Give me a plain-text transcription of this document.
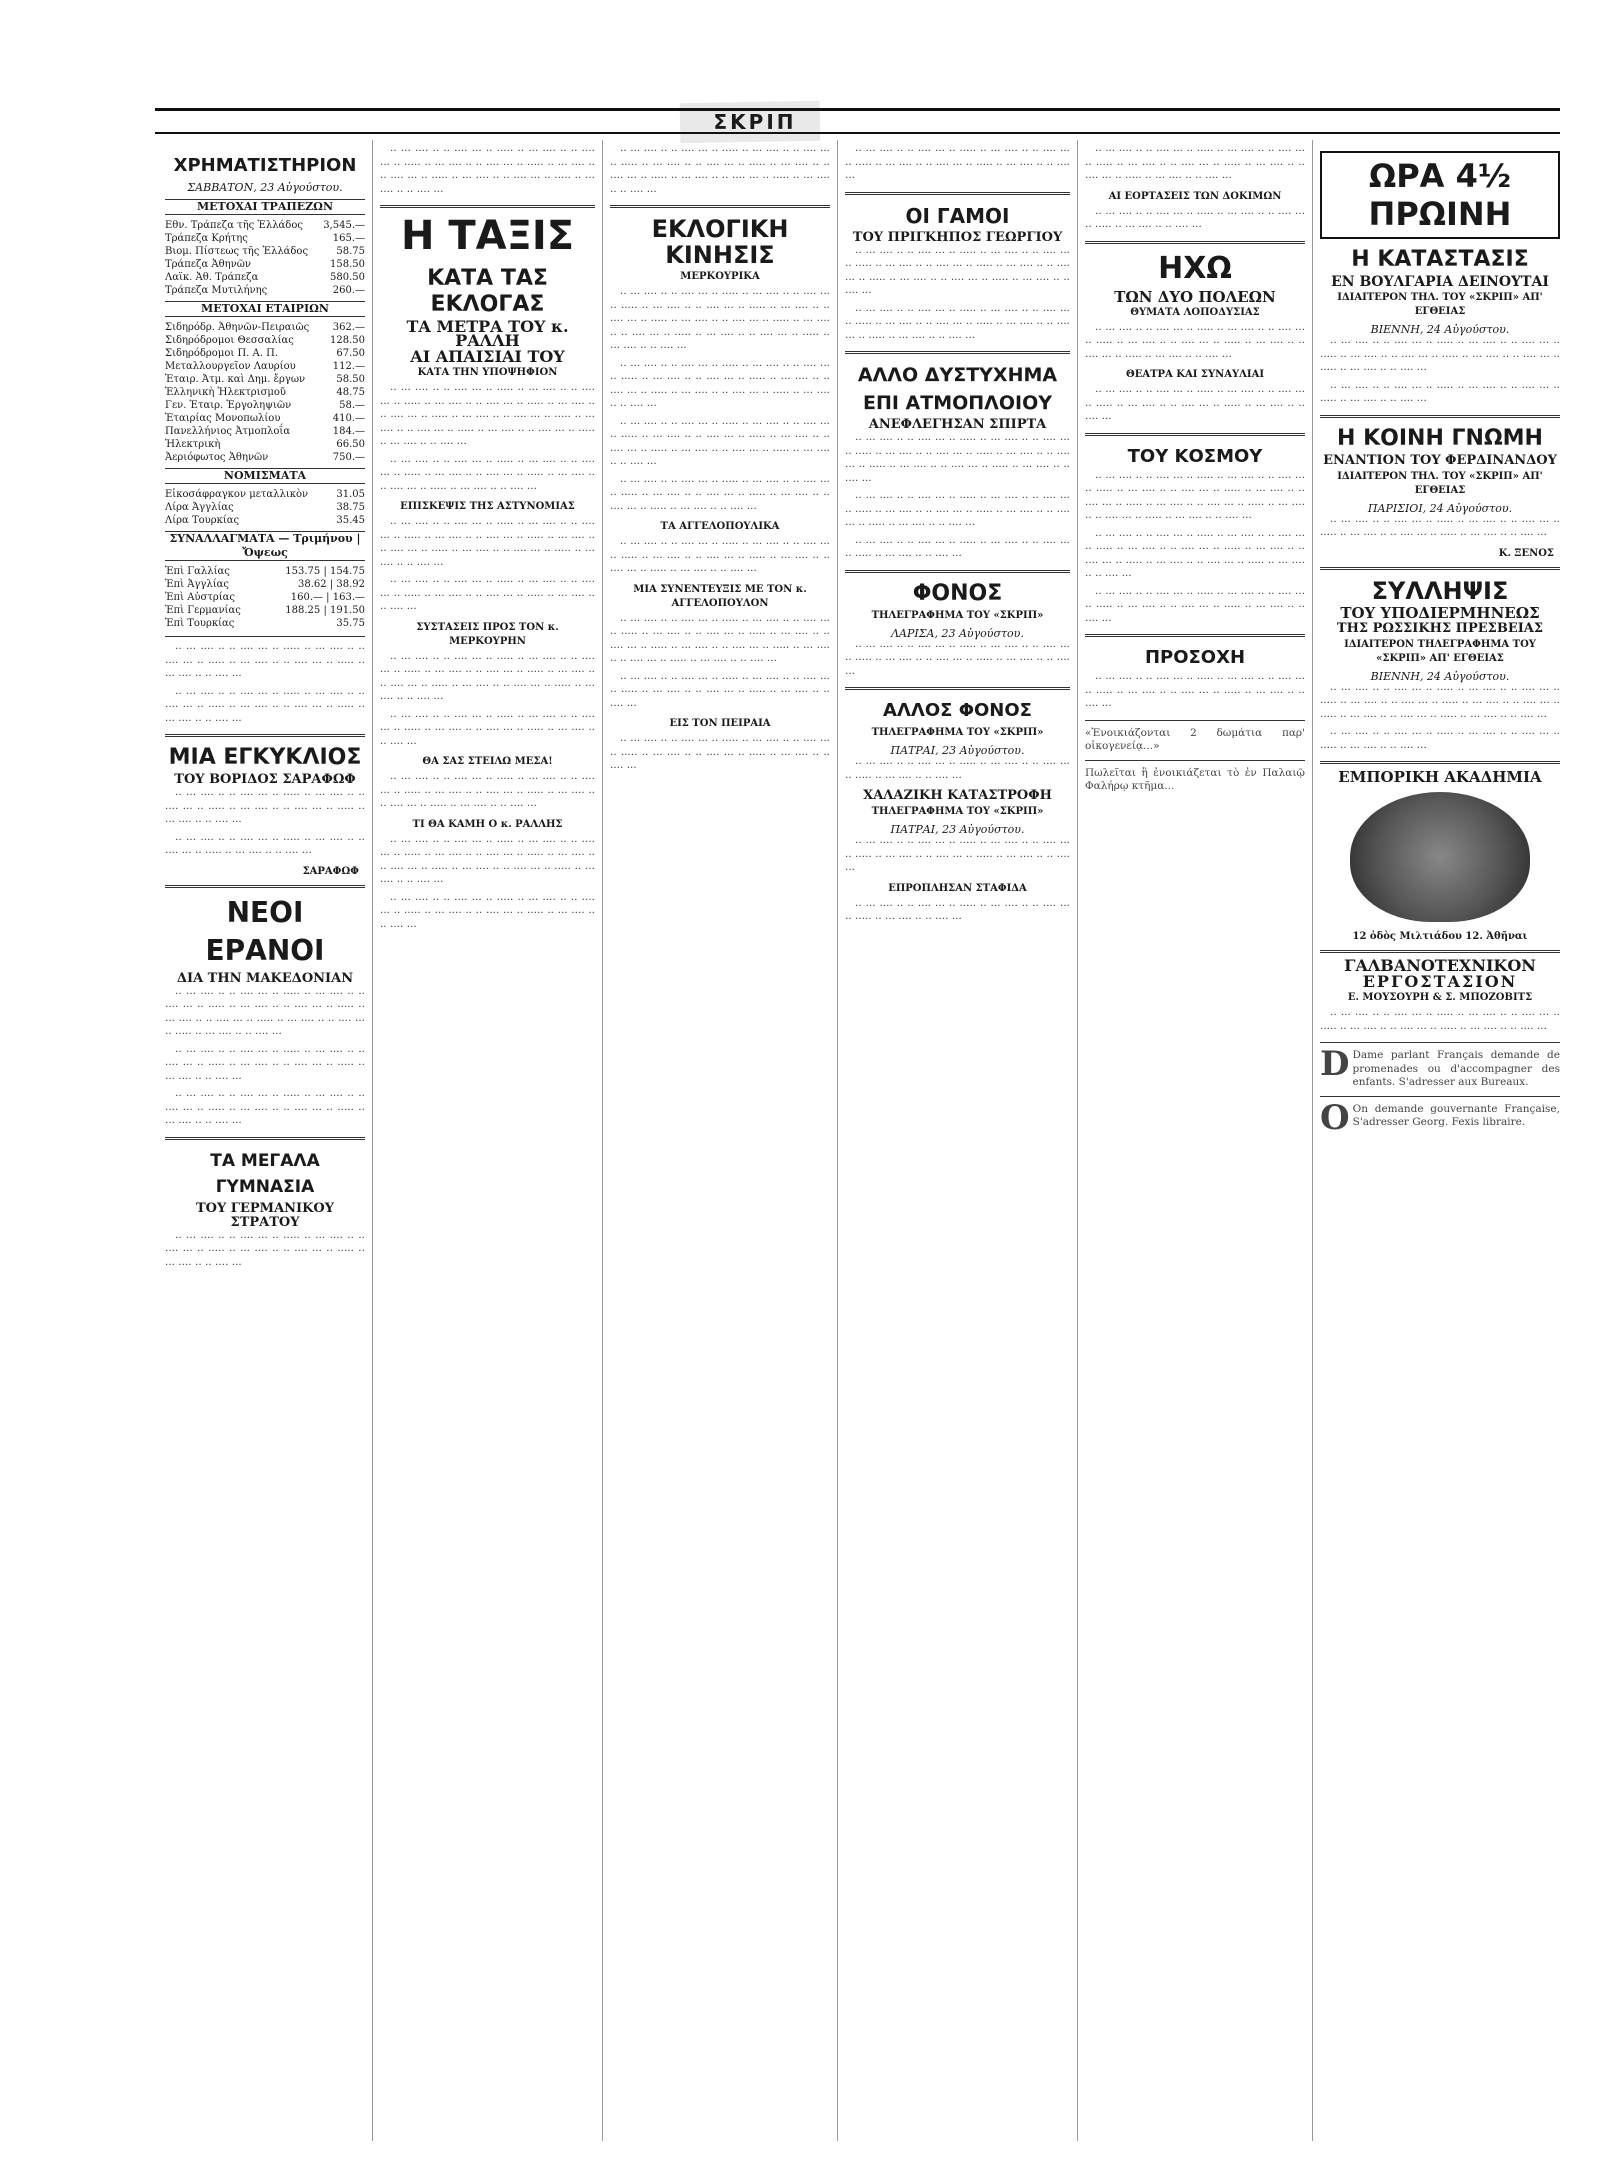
ΣΚΡΙΠ
ΧΡΗΜΑΤΙΣΤΗΡΙΟΝ
ΣΑΒΒΑΤΟΝ, 23 Αὐγούστου.
ΜΕΤΟΧΑΙ ΤΡΑΠΕΖΩΝ
Εθν. Τράπεζα τῆς Ἑλλάδος	3,545.—
Τράπεζα Κρήτης	165.—
Βιομ. Πίστεως τῆς Ἑλλάδος	58.75
Τράπεζα Ἀθηνῶν	158.50
Λαϊκ. Ἀθ. Τράπεζα	580.50
Τράπεζα Μυτιλήνης	260.—
ΜΕΤΟΧΑΙ ΕΤΑΙΡΙΩΝ
Σιδηρόδρ. Ἀθηνῶν-Πειραιῶς	362.—
Σιδηρόδρομοι Θεσσαλίας	128.50
Σιδηρόδρομοι Π. Α. Π.	67.50
Μεταλλουργεῖον Λαυρίου	112.—
Ἑταιρ. Ἀτμ. καὶ Δημ. ἔργων	58.50
Ἑλληνικὴ Ἠλεκτρισμοῦ	48.75
Γεν. Ἑταιρ. Ἐργοληψιῶν	58.—
Ἑταιρίας Μονοπωλίου	410.—
Πανελλήνιος Ἀτμοπλοΐα	184.—
Ἠλεκτρικὴ	66.50
Ἀεριόφωτος Ἀθηνῶν	750.—
ΝΟΜΙΣΜΑΤΑ
Εἰκοσάφραγκον μεταλλικὸν	31.05
Λίρα Ἀγγλίας	38.75
Λίρα Τουρκίας	35.45
ΣΥΝΑΛΛΑΓΜΑΤΑ — Τριμήνου | Ὄψεως
Ἐπὶ Γαλλίας	153.75 | 154.75
Ἐπὶ Ἀγγλίας	38.62 | 38.92
Ἐπὶ Αὐστρίας	160.— | 163.—
Ἐπὶ Γερμανίας	188.25 | 191.50
Ἐπὶ Τουρκίας	35.75

·· ··· ···· ·· ·· ···· ··· ·· ····· ·· ··· ···· ·· ·· ···· ··· ·· ····· ·· ··· ···· ·· ·· ···· ··· ·· ····· ·· ··· ···· ·· ·· ···· ···

·· ··· ···· ·· ·· ···· ··· ·· ····· ·· ··· ···· ·· ·· ···· ··· ·· ····· ·· ··· ···· ·· ·· ···· ··· ·· ····· ·· ··· ···· ·· ·· ···· ···

ΜΙΑ ΕΓΚΥΚΛΙΟΣ
ΤΟΥ ΒΟΡΙΔΟΣ ΣΑΡΑΦΩΦ

·· ··· ···· ·· ·· ···· ··· ·· ····· ·· ··· ···· ·· ·· ···· ··· ·· ····· ·· ··· ···· ·· ·· ···· ··· ·· ····· ·· ··· ···· ·· ·· ···· ···

·· ··· ···· ·· ·· ···· ··· ·· ····· ·· ··· ···· ·· ·· ···· ··· ·· ····· ·· ··· ···· ·· ·· ···· ···

ΣΑΡΑΦΩΦ
ΝΕΟΙ ΕΡΑΝΟΙ
ΔΙΑ ΤΗΝ ΜΑΚΕΔΟΝΙΑΝ

·· ··· ···· ·· ·· ···· ··· ·· ····· ·· ··· ···· ·· ·· ···· ··· ·· ····· ·· ··· ···· ·· ·· ···· ··· ·· ····· ·· ··· ···· ·· ·· ···· ··· ·· ····· ·· ··· ···· ·· ·· ···· ··· ·· ····· ·· ··· ···· ·· ·· ···· ···

·· ··· ···· ·· ·· ···· ··· ·· ····· ·· ··· ···· ·· ·· ···· ··· ·· ····· ·· ··· ···· ·· ·· ···· ··· ·· ····· ·· ··· ···· ·· ·· ···· ···

·· ··· ···· ·· ·· ···· ··· ·· ····· ·· ··· ···· ·· ·· ···· ··· ·· ····· ·· ··· ···· ·· ·· ···· ··· ·· ····· ·· ··· ···· ·· ·· ···· ···

ΤΑ ΜΕΓΑΛΑ ΓΥΜΝΑΣΙΑ
ΤΟΥ ΓΕΡΜΑΝΙΚΟΥ ΣΤΡΑΤΟΥ

·· ··· ···· ·· ·· ···· ··· ·· ····· ·· ··· ···· ·· ·· ···· ··· ·· ····· ·· ··· ···· ·· ·· ···· ··· ·· ····· ·· ··· ···· ·· ·· ···· ···

·· ··· ···· ·· ·· ···· ··· ·· ····· ·· ··· ···· ·· ·· ···· ··· ·· ····· ·· ··· ···· ·· ·· ···· ··· ·· ····· ·· ··· ···· ·· ·· ···· ··· ·· ····· ·· ··· ···· ·· ·· ···· ··· ·· ····· ·· ··· ···· ·· ·· ···· ···

Η ΤΑΞΙΣ
ΚΑΤΑ ΤΑΣ ΕΚΛΟΓΑΣ
ΤΑ ΜΕΤΡΑ ΤΟΥ κ. ΡΑΛΛΗ
ΑΙ ΑΠΑΙΣΙΑΙ ΤΟΥ
ΚΑΤΑ ΤΗΝ ΥΠΟΨΗΦΙΟΝ

·· ··· ···· ·· ·· ···· ··· ·· ····· ·· ··· ···· ·· ·· ···· ··· ·· ····· ·· ··· ···· ·· ·· ···· ··· ·· ····· ·· ··· ···· ·· ·· ···· ··· ·· ····· ·· ··· ···· ·· ·· ···· ··· ·· ····· ·· ··· ···· ·· ·· ···· ··· ·· ····· ·· ··· ···· ·· ·· ···· ··· ·· ····· ·· ··· ···· ·· ·· ···· ···

·· ··· ···· ·· ·· ···· ··· ·· ····· ·· ··· ···· ·· ·· ···· ··· ·· ····· ·· ··· ···· ·· ·· ···· ··· ·· ····· ·· ··· ···· ·· ·· ···· ··· ·· ····· ·· ··· ···· ·· ·· ···· ···

ΕΠΙΣΚΕΨΙΣ ΤΗΣ ΑΣΤΥΝΟΜΙΑΣ

·· ··· ···· ·· ·· ···· ··· ·· ····· ·· ··· ···· ·· ·· ···· ··· ·· ····· ·· ··· ···· ·· ·· ···· ··· ·· ····· ·· ··· ···· ·· ·· ···· ··· ·· ····· ·· ··· ···· ·· ·· ···· ··· ·· ····· ·· ··· ···· ·· ·· ···· ···

·· ··· ···· ·· ·· ···· ··· ·· ····· ·· ··· ···· ·· ·· ···· ··· ·· ····· ·· ··· ···· ·· ·· ···· ··· ·· ····· ·· ··· ···· ·· ·· ···· ···

ΣΥΣΤΑΣΕΙΣ ΠΡΟΣ ΤΟΝ κ. ΜΕΡΚΟΥΡΗΝ

·· ··· ···· ·· ·· ···· ··· ·· ····· ·· ··· ···· ·· ·· ···· ··· ·· ····· ·· ··· ···· ·· ·· ···· ··· ·· ····· ·· ··· ···· ·· ·· ···· ··· ·· ····· ·· ··· ···· ·· ·· ···· ··· ·· ····· ·· ··· ···· ·· ·· ···· ···

·· ··· ···· ·· ·· ···· ··· ·· ····· ·· ··· ···· ·· ·· ···· ··· ·· ····· ·· ··· ···· ·· ·· ···· ··· ·· ····· ·· ··· ···· ·· ·· ···· ···

ΘΑ ΣΑΣ ΣΤΕΙΛΩ ΜΕΣΑ!

·· ··· ···· ·· ·· ···· ··· ·· ····· ·· ··· ···· ·· ·· ···· ··· ·· ····· ·· ··· ···· ·· ·· ···· ··· ·· ····· ·· ··· ···· ·· ·· ···· ··· ·· ····· ·· ··· ···· ·· ·· ···· ···

ΤΙ ΘΑ ΚΑΜΗ Ο κ. ΡΑΛΛΗΣ

·· ··· ···· ·· ·· ···· ··· ·· ····· ·· ··· ···· ·· ·· ···· ··· ·· ····· ·· ··· ···· ·· ·· ···· ··· ·· ····· ·· ··· ···· ·· ·· ···· ··· ·· ····· ·· ··· ···· ·· ·· ···· ··· ·· ····· ·· ··· ···· ·· ·· ···· ···

·· ··· ···· ·· ·· ···· ··· ·· ····· ·· ··· ···· ·· ·· ···· ··· ·· ····· ·· ··· ···· ·· ·· ···· ··· ·· ····· ·· ··· ···· ·· ·· ···· ···

·· ··· ···· ·· ·· ···· ··· ·· ····· ·· ··· ···· ·· ·· ···· ··· ·· ····· ·· ··· ···· ·· ·· ···· ··· ·· ····· ·· ··· ···· ·· ·· ···· ··· ·· ····· ·· ··· ···· ·· ·· ···· ··· ·· ····· ·· ··· ···· ·· ·· ···· ···

ΕΚΛΟΓΙΚΗ ΚΙΝΗΣΙΣ
ΜΕΡΚΟΥΡΙΚΑ

·· ··· ···· ·· ·· ···· ··· ·· ····· ·· ··· ···· ·· ·· ···· ··· ·· ····· ·· ··· ···· ·· ·· ···· ··· ·· ····· ·· ··· ···· ·· ·· ···· ··· ·· ····· ·· ··· ···· ·· ·· ···· ··· ·· ····· ·· ··· ···· ·· ·· ···· ··· ·· ····· ·· ··· ···· ·· ·· ···· ··· ·· ····· ·· ··· ···· ·· ·· ···· ···

·· ··· ···· ·· ·· ···· ··· ·· ····· ·· ··· ···· ·· ·· ···· ··· ·· ····· ·· ··· ···· ·· ·· ···· ··· ·· ····· ·· ··· ···· ·· ·· ···· ··· ·· ····· ·· ··· ···· ·· ·· ···· ··· ·· ····· ·· ··· ···· ·· ·· ···· ···

·· ··· ···· ·· ·· ···· ··· ·· ····· ·· ··· ···· ·· ·· ···· ··· ·· ····· ·· ··· ···· ·· ·· ···· ··· ·· ····· ·· ··· ···· ·· ·· ···· ··· ·· ····· ·· ··· ···· ·· ·· ···· ··· ·· ····· ·· ··· ···· ·· ·· ···· ···

·· ··· ···· ·· ·· ···· ··· ·· ····· ·· ··· ···· ·· ·· ···· ··· ·· ····· ·· ··· ···· ·· ·· ···· ··· ·· ····· ·· ··· ···· ·· ·· ···· ··· ·· ····· ·· ··· ···· ·· ·· ···· ···

ΤΑ ΑΓΓΕΛΟΠΟΥΛΙΚΑ

·· ··· ···· ·· ·· ···· ··· ·· ····· ·· ··· ···· ·· ·· ···· ··· ·· ····· ·· ··· ···· ·· ·· ···· ··· ·· ····· ·· ··· ···· ·· ·· ···· ··· ·· ····· ·· ··· ···· ·· ·· ···· ···

ΜΙΑ ΣΥΝΕΝΤΕΥΞΙΣ ΜΕ ΤΟΝ κ. ΑΓΓΕΛΟΠΟΥΛΟΝ

·· ··· ···· ·· ·· ···· ··· ·· ····· ·· ··· ···· ·· ·· ···· ··· ·· ····· ·· ··· ···· ·· ·· ···· ··· ·· ····· ·· ··· ···· ·· ·· ···· ··· ·· ····· ·· ··· ···· ·· ·· ···· ··· ·· ····· ·· ··· ···· ·· ·· ···· ··· ·· ····· ·· ··· ···· ·· ·· ···· ···

·· ··· ···· ·· ·· ···· ··· ·· ····· ·· ··· ···· ·· ·· ···· ··· ·· ····· ·· ··· ···· ·· ·· ···· ··· ·· ····· ·· ··· ···· ·· ·· ···· ···

ΕΙΣ ΤΟΝ ΠΕΙΡΑΙΑ

·· ··· ···· ·· ·· ···· ··· ·· ····· ·· ··· ···· ·· ·· ···· ··· ·· ····· ·· ··· ···· ·· ·· ···· ··· ·· ····· ·· ··· ···· ·· ·· ···· ···

·· ··· ···· ·· ·· ···· ··· ·· ····· ·· ··· ···· ·· ·· ···· ··· ·· ····· ·· ··· ···· ·· ·· ···· ··· ·· ····· ·· ··· ···· ·· ·· ···· ···

ΟΙ ΓΑΜΟΙ
ΤΟΥ ΠΡΙΓΚΗΠΟΣ ΓΕΩΡΓΙΟΥ

·· ··· ···· ·· ·· ···· ··· ·· ····· ·· ··· ···· ·· ·· ···· ··· ·· ····· ·· ··· ···· ·· ·· ···· ··· ·· ····· ·· ··· ···· ·· ·· ···· ··· ·· ····· ·· ··· ···· ·· ·· ···· ··· ·· ····· ·· ··· ···· ·· ·· ···· ···

·· ··· ···· ·· ·· ···· ··· ·· ····· ·· ··· ···· ·· ·· ···· ··· ·· ····· ·· ··· ···· ·· ·· ···· ··· ·· ····· ·· ··· ···· ·· ·· ···· ··· ·· ····· ·· ··· ···· ·· ·· ···· ···

ΑΛΛΟ ΔΥΣΤΥΧΗΜΑ
ΕΠΙ ΑΤΜΟΠΛΟΙΟΥ
ΑΝΕΦΛΕΓΗΣΑΝ ΣΠΙΡΤΑ

·· ··· ···· ·· ·· ···· ··· ·· ····· ·· ··· ···· ·· ·· ···· ··· ·· ····· ·· ··· ···· ·· ·· ···· ··· ·· ····· ·· ··· ···· ·· ·· ···· ··· ·· ····· ·· ··· ···· ·· ·· ···· ··· ·· ····· ·· ··· ···· ·· ·· ···· ···

·· ··· ···· ·· ·· ···· ··· ·· ····· ·· ··· ···· ·· ·· ···· ··· ·· ····· ·· ··· ···· ·· ·· ···· ··· ·· ····· ·· ··· ···· ·· ·· ···· ··· ·· ····· ·· ··· ···· ·· ·· ···· ···

·· ··· ···· ·· ·· ···· ··· ·· ····· ·· ··· ···· ·· ·· ···· ··· ·· ····· ·· ··· ···· ·· ·· ···· ···

ΦΟΝΟΣ
ΤΗΛΕΓΡΑΦΗΜΑ ΤΟΥ «ΣΚΡΙΠ»
ΛΑΡΙΣΑ, 23 Αὐγούστου.

·· ··· ···· ·· ·· ···· ··· ·· ····· ·· ··· ···· ·· ·· ···· ··· ·· ····· ·· ··· ···· ·· ·· ···· ··· ·· ····· ·· ··· ···· ·· ·· ···· ···

ΑΛΛΟΣ ΦΟΝΟΣ
ΤΗΛΕΓΡΑΦΗΜΑ ΤΟΥ «ΣΚΡΙΠ»
ΠΑΤΡΑΙ, 23 Αὐγούστου.

·· ··· ···· ·· ·· ···· ··· ·· ····· ·· ··· ···· ·· ·· ···· ··· ·· ····· ·· ··· ···· ·· ·· ···· ···

ΧΑΛΑΖΙΚΗ ΚΑΤΑΣΤΡΟΦΗ
ΤΗΛΕΓΡΑΦΗΜΑ ΤΟΥ «ΣΚΡΙΠ»
ΠΑΤΡΑΙ, 23 Αὐγούστου.

·· ··· ···· ·· ·· ···· ··· ·· ····· ·· ··· ···· ·· ·· ···· ··· ·· ····· ·· ··· ···· ·· ·· ···· ··· ·· ····· ·· ··· ···· ·· ·· ···· ···

ΕΠΡΟΠΛΗΣΑΝ ΣΤΑΦΙΔΑ

·· ··· ···· ·· ·· ···· ··· ·· ····· ·· ··· ···· ·· ·· ···· ··· ·· ····· ·· ··· ···· ·· ·· ···· ···

·· ··· ···· ·· ·· ···· ··· ·· ····· ·· ··· ···· ·· ·· ···· ··· ·· ····· ·· ··· ···· ·· ·· ···· ··· ·· ····· ·· ··· ···· ·· ·· ···· ··· ·· ····· ·· ··· ···· ·· ·· ···· ···

ΑΙ ΕΟΡΤΑΣΕΙΣ ΤΩΝ ΔΟΚΙΜΩΝ

·· ··· ···· ·· ·· ···· ··· ·· ····· ·· ··· ···· ·· ·· ···· ··· ·· ····· ·· ··· ···· ·· ·· ···· ···

ΗΧΩ
ΤΩΝ ΔΥΟ ΠΟΛΕΩΝ
ΘΥΜΑΤΑ ΛΟΠΟΔΥΣΙΑΣ

·· ··· ···· ·· ·· ···· ··· ·· ····· ·· ··· ···· ·· ·· ···· ··· ·· ····· ·· ··· ···· ·· ·· ···· ··· ·· ····· ·· ··· ···· ·· ·· ···· ··· ·· ····· ·· ··· ···· ·· ·· ···· ···

ΘΕΑΤΡΑ ΚΑΙ ΣΥΝΑΥΛΙΑΙ

·· ··· ···· ·· ·· ···· ··· ·· ····· ·· ··· ···· ·· ·· ···· ··· ·· ····· ·· ··· ···· ·· ·· ···· ··· ·· ····· ·· ··· ···· ·· ·· ···· ···

ΤΟΥ ΚΟΣΜΟΥ

·· ··· ···· ·· ·· ···· ··· ·· ····· ·· ··· ···· ·· ·· ···· ··· ·· ····· ·· ··· ···· ·· ·· ···· ··· ·· ····· ·· ··· ···· ·· ·· ···· ··· ·· ····· ·· ··· ···· ·· ·· ···· ··· ·· ····· ·· ··· ···· ·· ·· ···· ··· ·· ····· ·· ··· ···· ·· ·· ···· ···

·· ··· ···· ·· ·· ···· ··· ·· ····· ·· ··· ···· ·· ·· ···· ··· ·· ····· ·· ··· ···· ·· ·· ···· ··· ·· ····· ·· ··· ···· ·· ·· ···· ··· ·· ····· ·· ··· ···· ·· ·· ···· ··· ·· ····· ·· ··· ···· ·· ·· ···· ···

·· ··· ···· ·· ·· ···· ··· ·· ····· ·· ··· ···· ·· ·· ···· ··· ·· ····· ·· ··· ···· ·· ·· ···· ··· ·· ····· ·· ··· ···· ·· ·· ···· ···

ΠΡΟΣΟΧΗ

·· ··· ···· ·· ·· ···· ··· ·· ····· ·· ··· ···· ·· ·· ···· ··· ·· ····· ·· ··· ···· ·· ·· ···· ··· ·· ····· ·· ··· ···· ·· ·· ···· ···

«Ἐνοικιάζονται 2 δωμάτια παρ' οἰκογενείᾳ...»
Πωλεῖται ἢ ἐνοικιάζεται τὸ ἐν Παλαιῷ Φαλήρῳ κτῆμα...
ΩΡΑ 4½ ΠΡΩΙΝΗ
Η ΚΑΤΑΣΤΑΣΙΣ
ΕΝ ΒΟΥΛΓΑΡΙΑ ΔΕΙΝΟΥΤΑΙ
ΙΔΙΑΙΤΕΡΟΝ ΤΗΛ. ΤΟΥ «ΣΚΡΙΠ» ΑΠ' ΕΓΘΕΙΑΣ
ΒΙΕΝΝΗ, 24 Αὐγούστου.

·· ··· ···· ·· ·· ···· ··· ·· ····· ·· ··· ···· ·· ·· ···· ··· ·· ····· ·· ··· ···· ·· ·· ···· ··· ·· ····· ·· ··· ···· ·· ·· ···· ··· ·· ····· ·· ··· ···· ·· ·· ···· ···

·· ··· ···· ·· ·· ···· ··· ·· ····· ·· ··· ···· ·· ·· ···· ··· ·· ····· ·· ··· ···· ·· ·· ···· ···

Η ΚΟΙΝΗ ΓΝΩΜΗ
ΕΝΑΝΤΙΟΝ ΤΟΥ ΦΕΡΔΙΝΑΝΔΟΥ
ΙΔΙΑΙΤΕΡΟΝ ΤΗΛ. ΤΟΥ «ΣΚΡΙΠ» ΑΠ' ΕΓΘΕΙΑΣ
ΠΑΡΙΣΙΟΙ, 24 Αὐγούστου.

·· ··· ···· ·· ·· ···· ··· ·· ····· ·· ··· ···· ·· ·· ···· ··· ·· ····· ·· ··· ···· ·· ·· ···· ··· ·· ····· ·· ··· ···· ·· ·· ···· ···

Κ. ΞΕΝΟΣ
ΣΥΛΛΗΨΙΣ
ΤΟΥ ΥΠΟΔΙΕΡΜΗΝΕΩΣ
ΤΗΣ ΡΩΣΣΙΚΗΣ ΠΡΕΣΒΕΙΑΣ
ΙΔΙΑΙΤΕΡΟΝ ΤΗΛΕΓΡΑΦΗΜΑ ΤΟΥ «ΣΚΡΙΠ» ΑΠ' ΕΓΘΕΙΑΣ
ΒΙΕΝΝΗ, 24 Αὐγούστου.

·· ··· ···· ·· ·· ···· ··· ·· ····· ·· ··· ···· ·· ·· ···· ··· ·· ····· ·· ··· ···· ·· ·· ···· ··· ·· ····· ·· ··· ···· ·· ·· ···· ··· ·· ····· ·· ··· ···· ·· ·· ···· ··· ·· ····· ·· ··· ···· ·· ·· ···· ···

·· ··· ···· ·· ·· ···· ··· ·· ····· ·· ··· ···· ·· ·· ···· ··· ·· ····· ·· ··· ···· ·· ·· ···· ···

ΕΜΠΟΡΙΚΗ ΑΚΑΔΗΜΙΑ
12 ὁδὸς Μιλτιάδου 12. Ἀθῆναι
ΓΑΛΒΑΝΟΤΕΧΝΙΚΟΝ
ΕΡΓΟΣΤΑΣΙΟΝ
Ε. ΜΟΥΣΟΥΡΗ & Σ. ΜΠΟΖΟΒΙΤΣ

·· ··· ···· ·· ·· ···· ··· ·· ····· ·· ··· ···· ·· ·· ···· ··· ·· ····· ·· ··· ···· ·· ·· ···· ··· ·· ····· ·· ··· ···· ·· ·· ···· ···

D Dame parlant Français demande de promenades ou d'accompagner des enfants. S'adresser aux Bureaux.
O On demande gouvernante Française, S'adresser Georg. Fexis libraire.
